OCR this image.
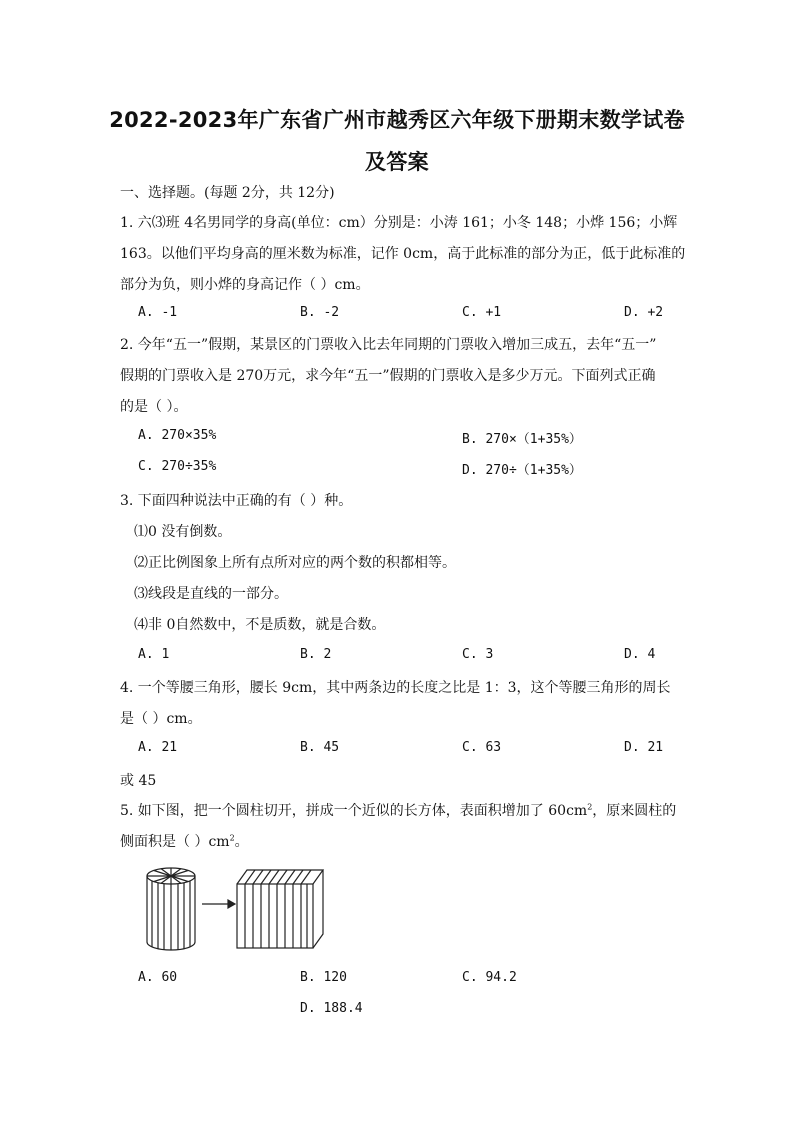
2022-2023年广东省广州市越秀区六年级下册期末数学试卷
及答案
一、选择题。(每题 2分，共 12分)
1. 六⑶班 4名男同学的身高(单位：cm）分别是：小涛 161；小冬 148；小烨 156；小辉
163。以他们平均身高的厘米数为标准，记作 0cm，高于此标准的部分为正，低于此标准的
部分为负，则小烨的身高记作（ ）cm。
A. -1	B. -2	C. +1	D. +2
2. 今年“五一”假期，某景区的门票收入比去年同期的门票收入增加三成五，去年“五一”
假期的门票收入是 270万元，求今年“五一”假期的门票收入是多少万元。下面列式正确
的是（ ）。
A. 270×35%	B. 270×（1+35%）
C. 270÷35%	D. 270÷（1+35%）
3. 下面四种说法中正确的有（ ）种。
⑴0 没有倒数。
⑵正比例图象上所有点所对应的两个数的积都相等。
⑶线段是直线的一部分。
⑷非 0自然数中，不是质数，就是合数。
A. 1	B. 2	C. 3	D. 4
4. 一个等腰三角形，腰长 9cm，其中两条边的长度之比是 1：3，这个等腰三角形的周长
是（ ）cm。
A. 21	B. 45	C. 63	D. 21
或 45
5. 如下图，把一个圆柱切开，拼成一个近似的长方体，表面积增加了 $60cm^2$，原来圆柱的
侧面积是（ ）$cm^2$。
A. 60	B. 120	C. 94.2
D. 188.4
